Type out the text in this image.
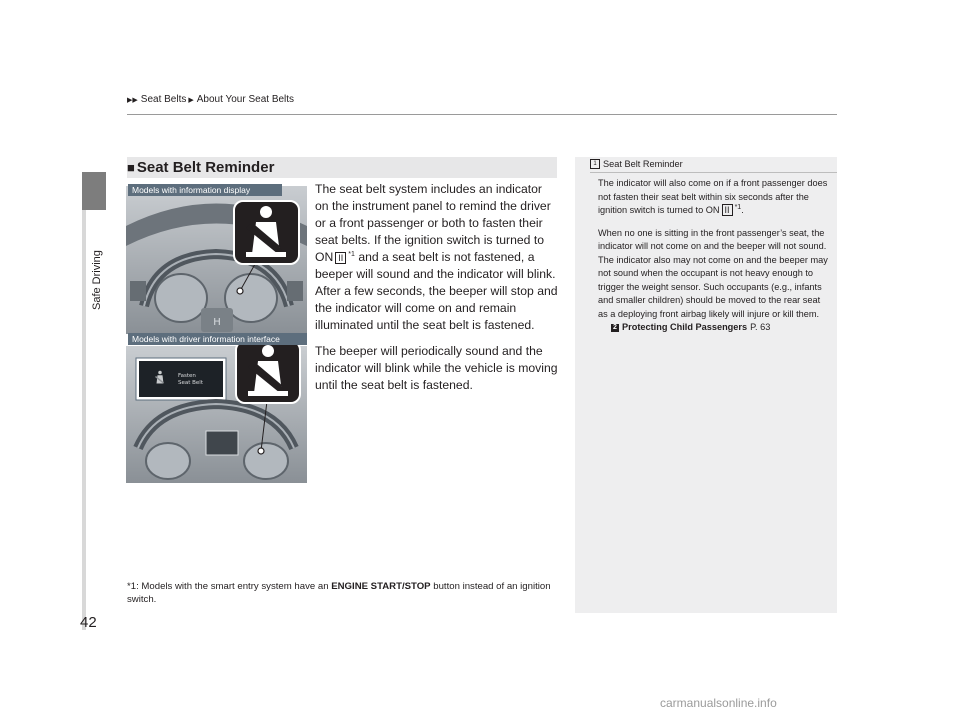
Safe Driving
▶▶ Seat Belts ▶ About Your Seat Belts
■ Seat Belt Reminder
H
Fasten
Seat Belt
Models with information display
Models with driver information interface

The seat belt system includes an indicator on the instrument panel to remind the driver or a front passenger or both to fasten their seat belts. If the ignition switch is turned to ON II $^{*1}$ and a seat belt is not fastened, a beeper will sound and the indicator will blink. After a few seconds, the beeper will stop and the indicator will come on and remain illuminated until the seat belt is fastened.

The beeper will periodically sound and the indicator will blink while the vehicle is moving until the seat belt is fastened.

*1: Models with the smart entry system have an ENGINE START/STOP button instead of an ignition switch.
1 Seat Belt Reminder

The indicator will also come on if a front passenger does not fasten their seat belt within six seconds after the ignition switch is turned to ON II $^{*1}$.

When no one is sitting in the front passenger’s seat, the indicator will not come on and the beeper will not sound.

The indicator also may not come on and the beeper may not sound when the occupant is not heavy enough to trigger the weight sensor. Such occupants (e.g., infants and smaller children) should be moved to the rear seat as a deploying front airbag likely will injure or kill them.

2 Protecting Child Passengers P. 63
42
carmanualsonline.info
